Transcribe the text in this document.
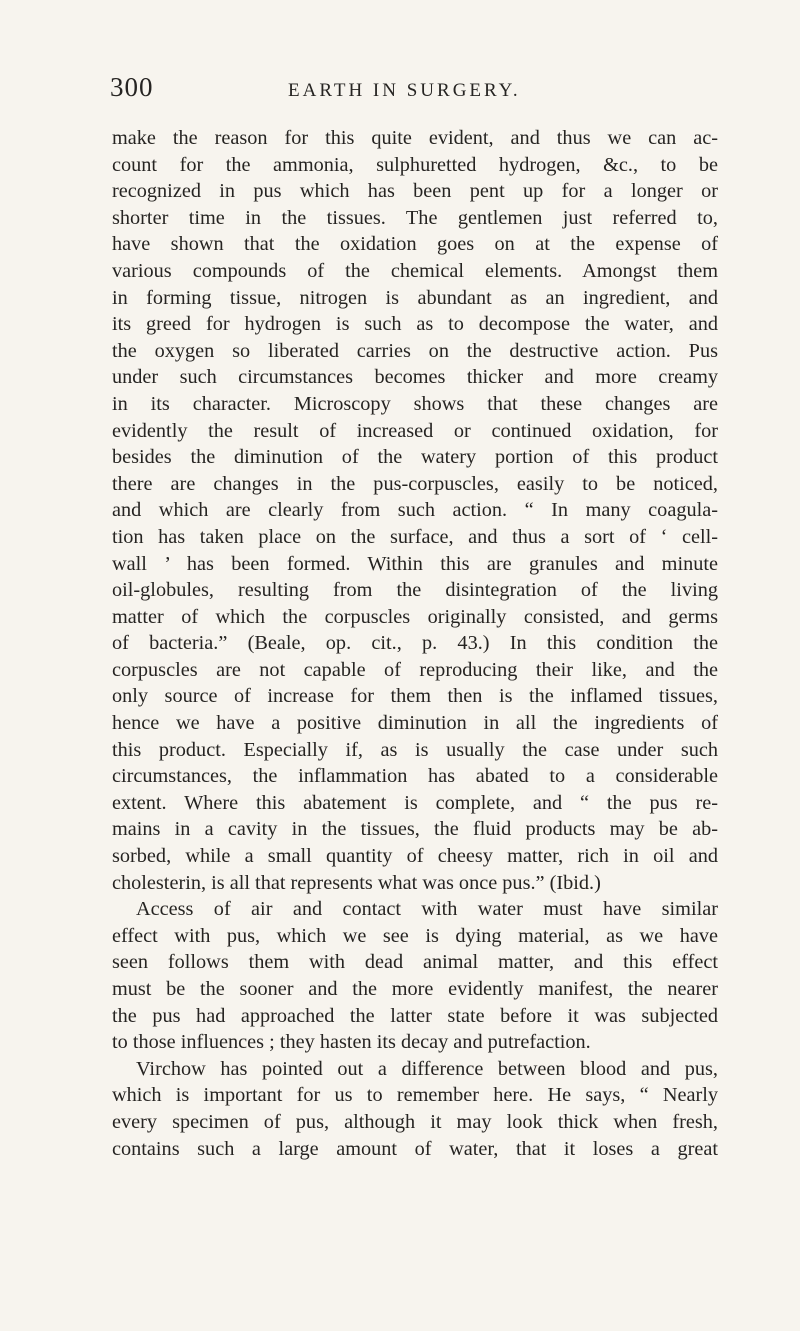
300	EARTH IN SURGERY.
make the reason for this quite evident, and thus we can ac-
count for the ammonia, sulphuretted hydrogen, &c., to be
recognized in pus which has been pent up for a longer or
shorter time in the tissues. The gentlemen just referred to,
have shown that the oxidation goes on at the expense of
various compounds of the chemical elements. Amongst them
in forming tissue, nitrogen is abundant as an ingredient, and
its greed for hydrogen is such as to decompose the water, and
the oxygen so liberated carries on the destructive action. Pus
under such circumstances becomes thicker and more creamy
in its character. Microscopy shows that these changes are
evidently the result of increased or continued oxidation, for
besides the diminution of the watery portion of this product
there are changes in the pus-corpuscles, easily to be noticed,
and which are clearly from such action. “ In many coagula-
tion has taken place on the surface, and thus a sort of ‘ cell-
wall ’ has been formed. Within this are granules and minute
oil-globules, resulting from the disintegration of the living
matter of which the corpuscles originally consisted, and germs
of bacteria.” (Beale, op. cit., p. 43.) In this condition the
corpuscles are not capable of reproducing their like, and the
only source of increase for them then is the inflamed tissues,
hence we have a positive diminution in all the ingredients of
this product. Especially if, as is usually the case under such
circumstances, the inflammation has abated to a considerable
extent. Where this abatement is complete, and “ the pus re-
mains in a cavity in the tissues, the fluid products may be ab-
sorbed, while a small quantity of cheesy matter, rich in oil and
cholesterin, is all that represents what was once pus.” (Ibid.)
Access of air and contact with water must have similar
effect with pus, which we see is dying material, as we have
seen follows them with dead animal matter, and this effect
must be the sooner and the more evidently manifest, the nearer
the pus had approached the latter state before it was subjected
to those influences ; they hasten its decay and putrefaction.
Virchow has pointed out a difference between blood and pus,
which is important for us to remember here. He says, “ Nearly
every specimen of pus, although it may look thick when fresh,
contains such a large amount of water, that it loses a great
